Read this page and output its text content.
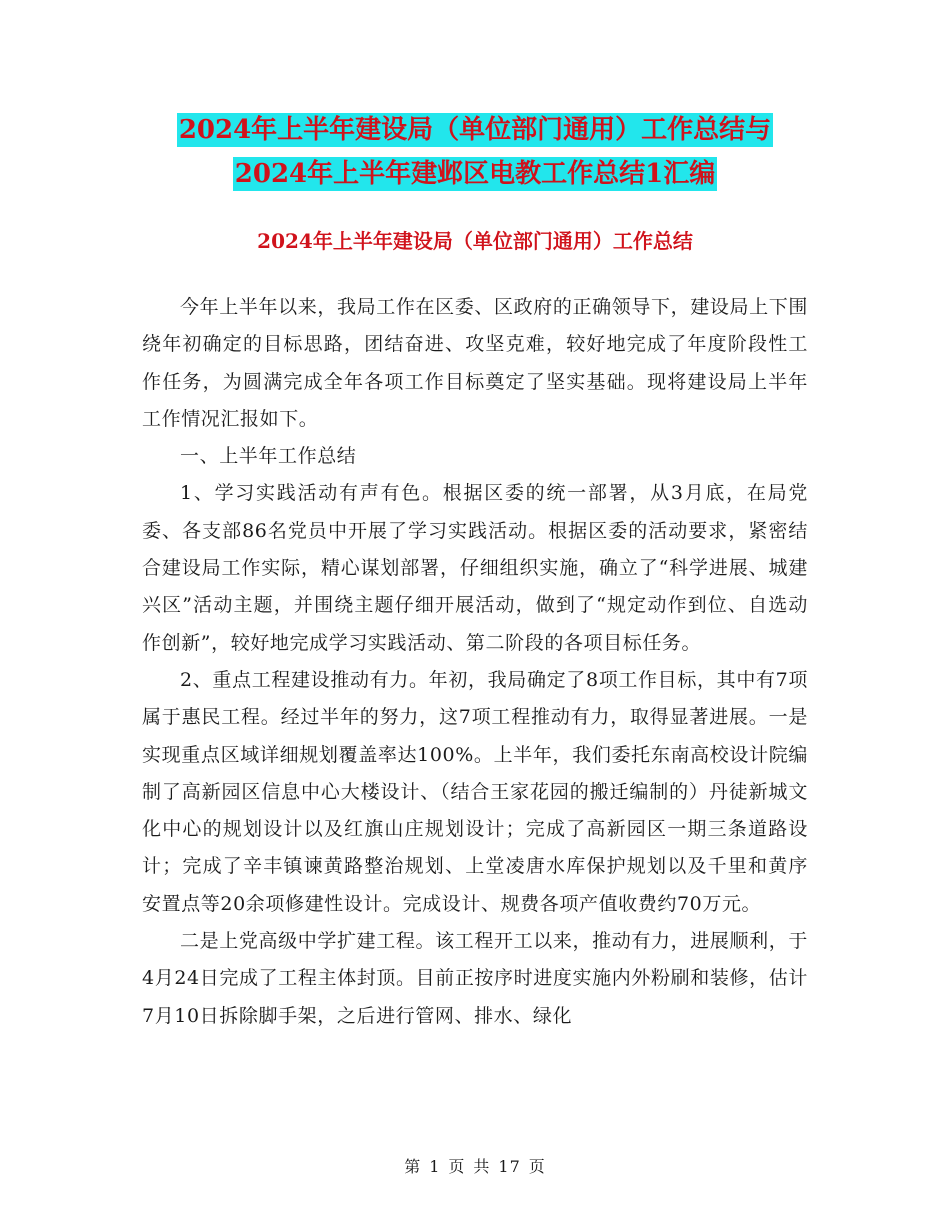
2024年上半年建设局（单位部门通用）工作总结与
2024年上半年建邺区电教工作总结1汇编
2024年上半年建设局（单位部门通用）工作总结

今年上半年以来，我局工作在区委、区政府的正确领导下，建设局上下围绕年初确定的目标思路，团结奋进、攻坚克难，较好地完成了年度阶段性工作任务，为圆满完成全年各项工作目标奠定了坚实基础。现将建设局上半年工作情况汇报如下。

一、上半年工作总结

1、学习实践活动有声有色。根据区委的统一部署，从3月底，在局党委、各支部86名党员中开展了学习实践活动。根据区委的活动要求，紧密结合建设局工作实际，精心谋划部署，仔细组织实施，确立了“科学进展、城建兴区”活动主题，并围绕主题仔细开展活动，做到了“规定动作到位、自选动作创新”，较好地完成学习实践活动、第二阶段的各项目标任务。

2、重点工程建设推动有力。年初，我局确定了8项工作目标，其中有7项属于惠民工程。经过半年的努力，这7项工程推动有力，取得显著进展。一是实现重点区域详细规划覆盖率达100%。上半年，我们委托东南高校设计院编制了高新园区信息中心大楼设计、（结合王家花园的搬迁编制的）丹徒新城文化中心的规划设计以及红旗山庄规划设计；完成了高新园区一期三条道路设计；完成了辛丰镇谏黄路整治规划、上堂凌唐水库保护规划以及千里和黄序安置点等20余项修建性设计。完成设计、规费各项产值收费约70万元。

二是上党高级中学扩建工程。该工程开工以来，推动有力，进展顺利，于4月24日完成了工程主体封顶。目前正按序时进度实施内外粉刷和装修，估计7月10日拆除脚手架，之后进行管网、排水、绿化

第 1 页 共 17 页
